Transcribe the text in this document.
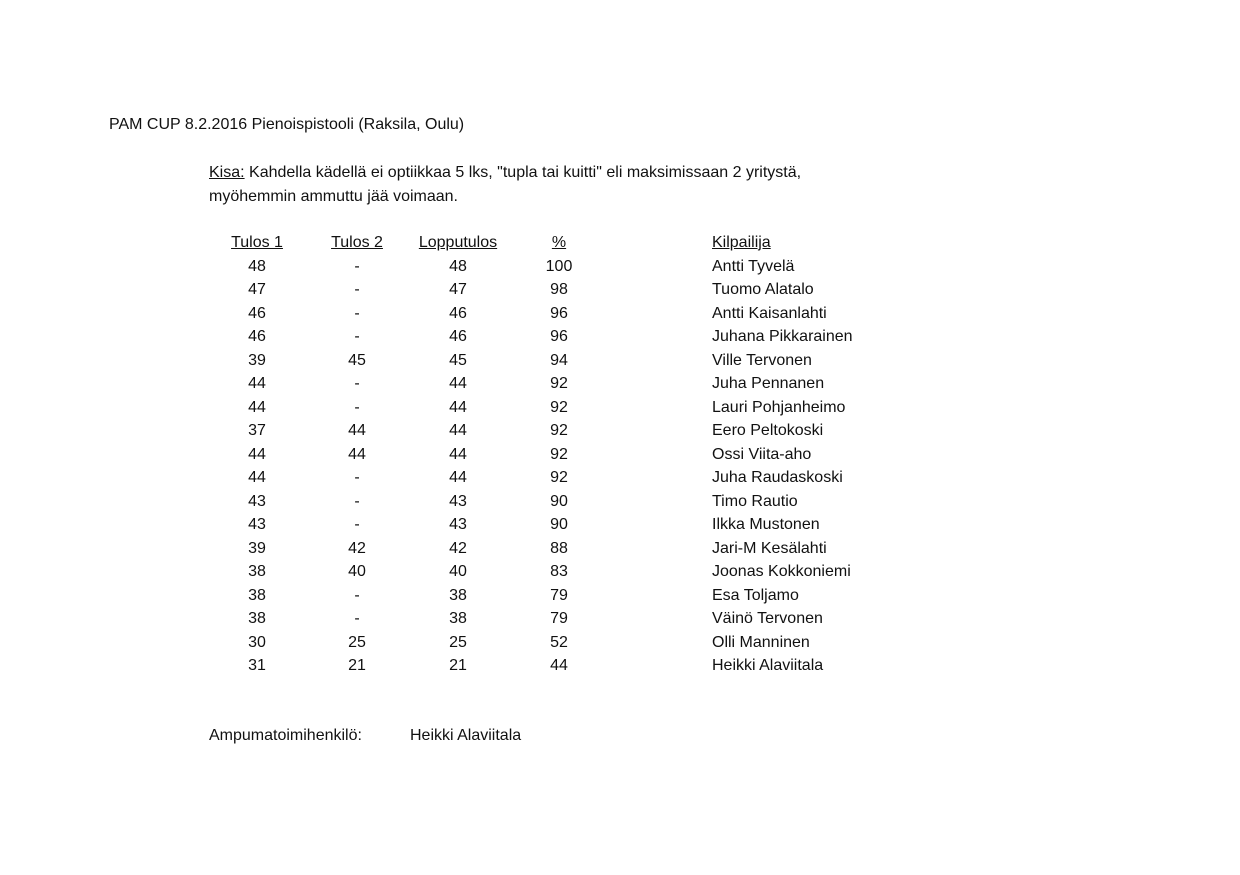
PAM CUP 8.2.2016 Pienoispistooli (Raksila, Oulu)
Kisa: Kahdella kädellä ei optiikkaa 5 lks, "tupla tai kuitti" eli maksimissaan 2 yritystä,
myöhemmin ammuttu jää voimaan.
Tulos 1	Tulos 2	Lopputulos	%		Kilpailija
48	-	48	100		Antti Tyvelä
47	-	47	98		Tuomo Alatalo
46	-	46	96		Antti Kaisanlahti
46	-	46	96		Juhana Pikkarainen
39	45	45	94		Ville Tervonen
44	-	44	92		Juha Pennanen
44	-	44	92		Lauri Pohjanheimo
37	44	44	92		Eero Peltokoski
44	44	44	92		Ossi Viita-aho
44	-	44	92		Juha Raudaskoski
43	-	43	90		Timo Rautio
43	-	43	90		Ilkka Mustonen
39	42	42	88		Jari-M Kesälahti
38	40	40	83		Joonas Kokkoniemi
38	-	38	79		Esa Toljamo
38	-	38	79		Väinö Tervonen
30	25	25	52		Olli Manninen
31	21	21	44		Heikki Alaviitala
Ampumatoimihenkilö:	Heikki Alaviitala
